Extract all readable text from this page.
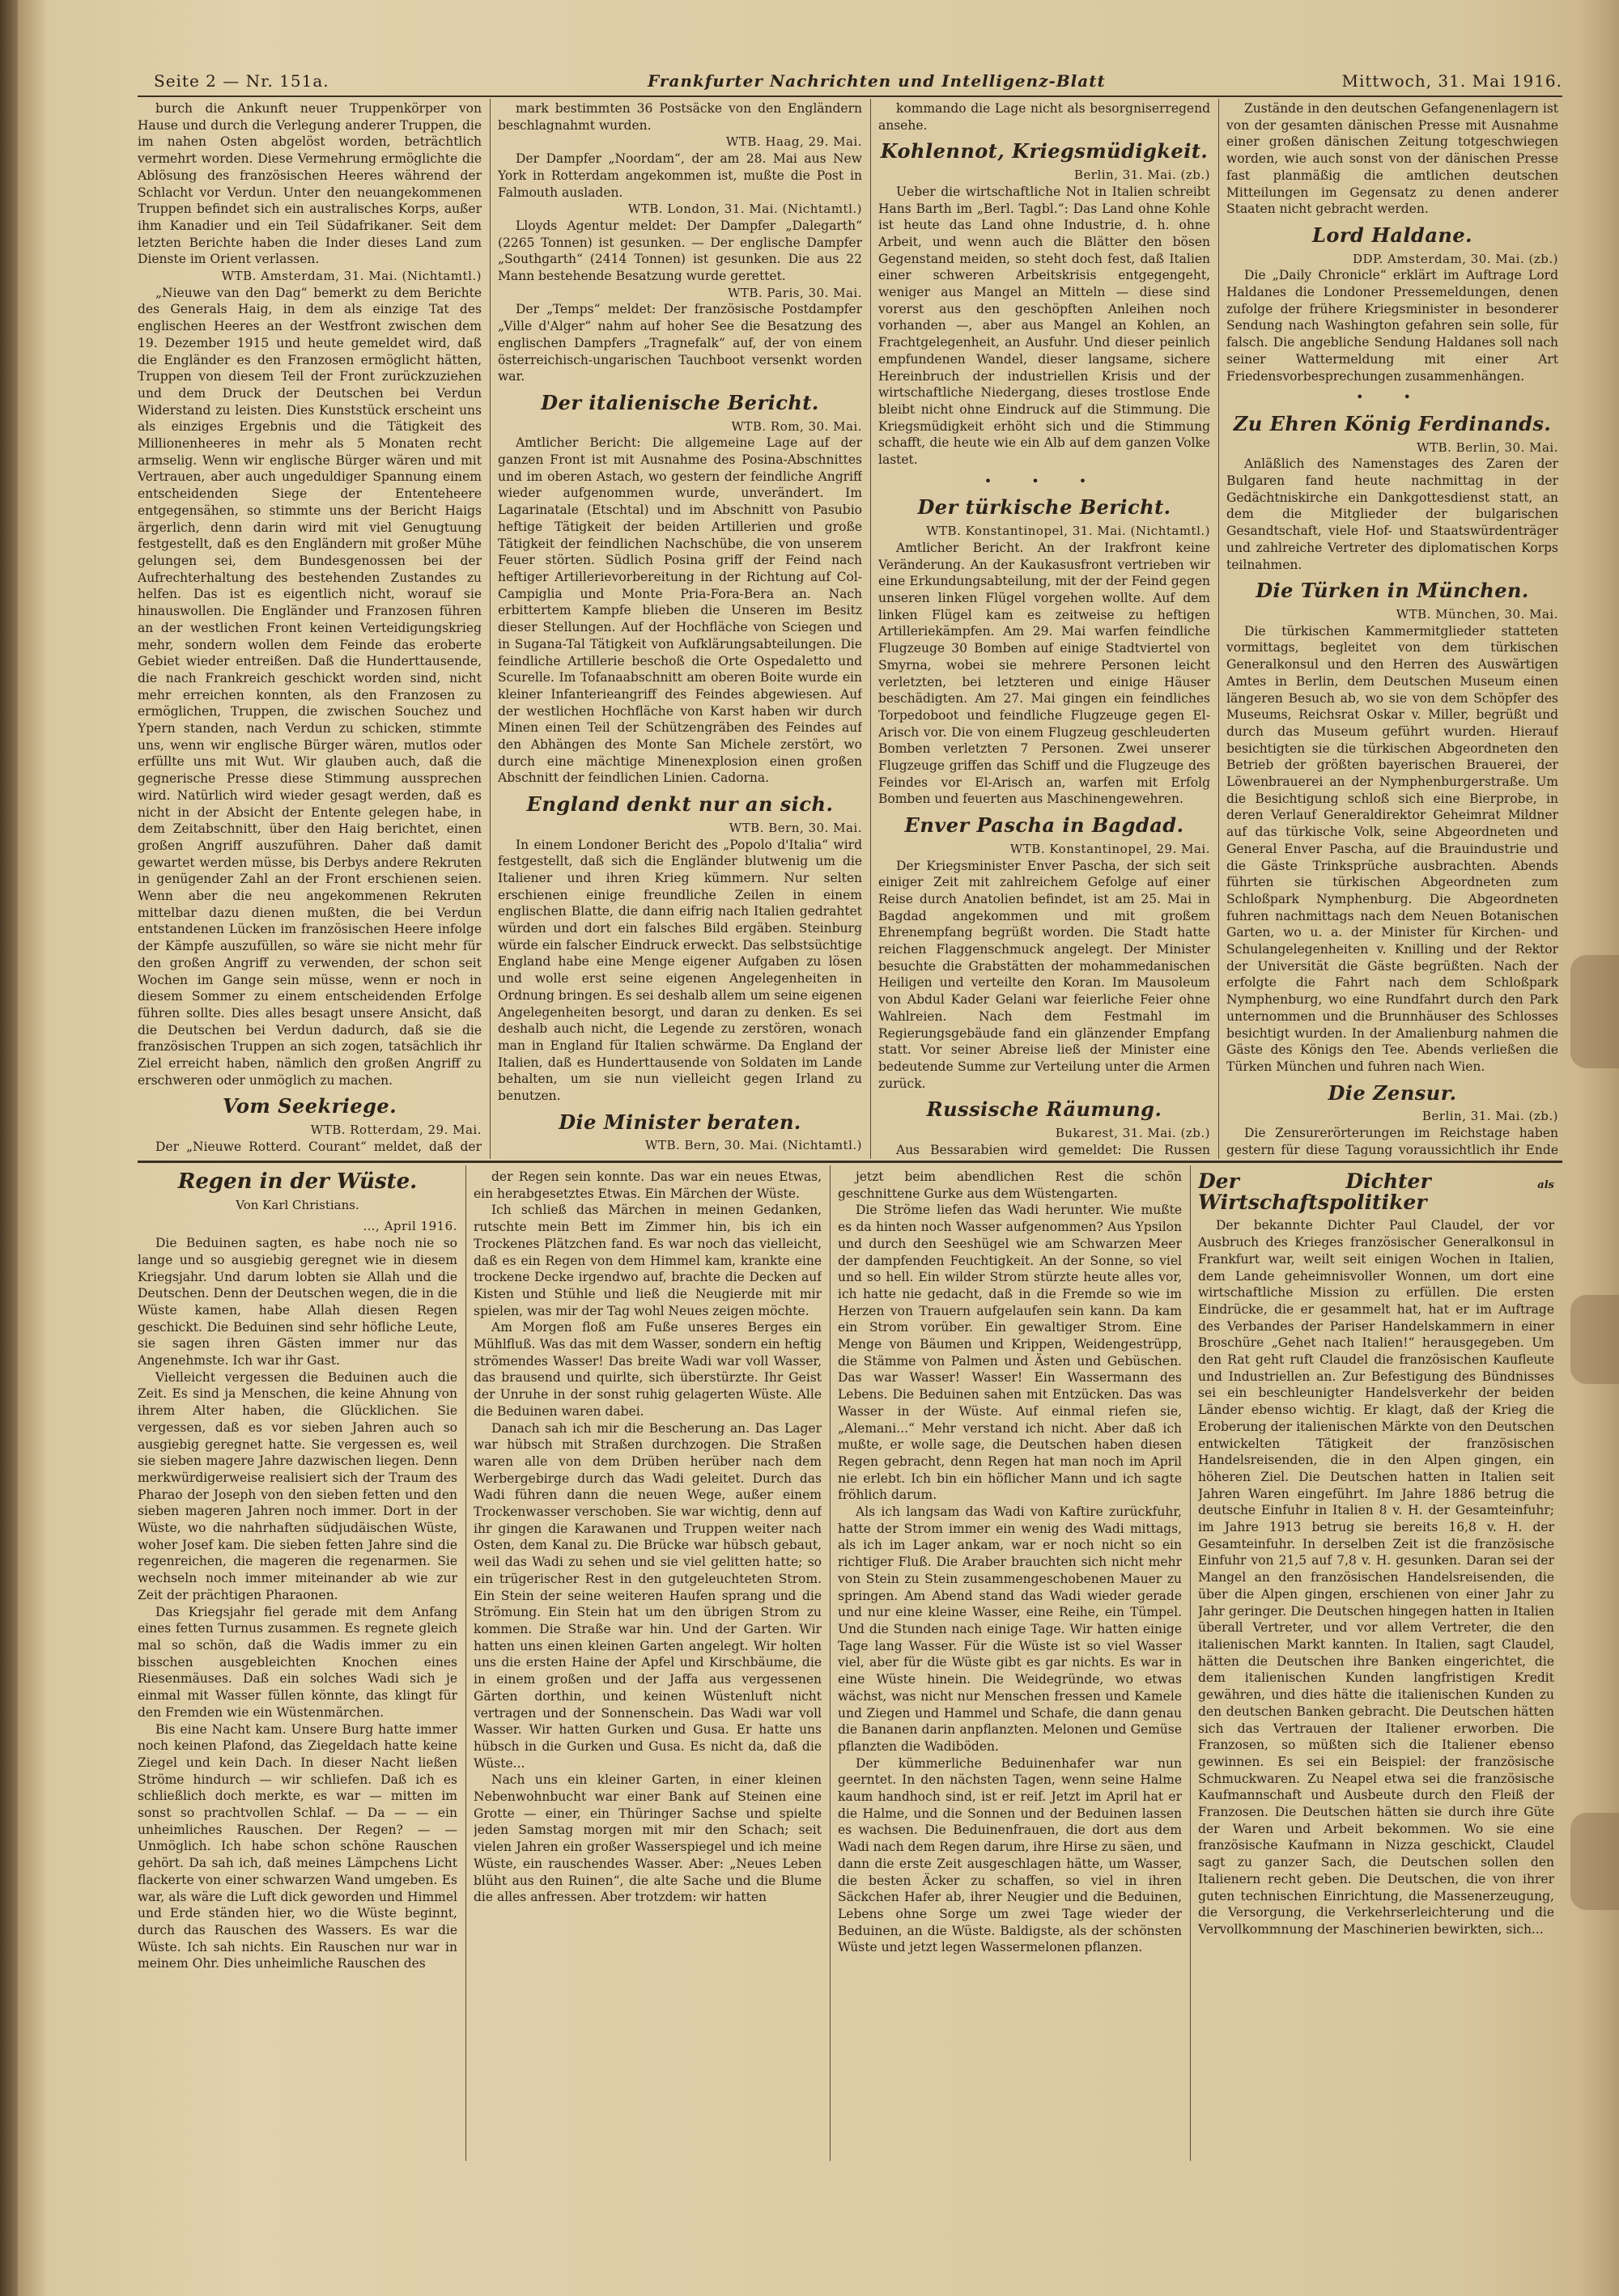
Seite 2 — Nr. 151a.	Frankfurter Nachrichten und Intelligenz-Blatt	Mittwoch, 31. Mai 1916.

burch die Ankunft neuer Truppenkörper von Hause und durch die Verlegung anderer Truppen, die im nahen Osten abgelöst worden, beträchtlich vermehrt worden. Diese Vermehrung ermöglichte die Ablösung des französischen Heeres während der Schlacht vor Verdun. Unter den neuangekommenen Truppen befindet sich ein australisches Korps, außer ihm Kanadier und ein Teil Südafrikaner. Seit dem letzten Berichte haben die Inder dieses Land zum Dienste im Orient verlassen.

WTB. Amsterdam, 31. Mai. (Nichtamtl.)

„Nieuwe van den Dag“ bemerkt zu dem Berichte des Generals Haig, in dem als einzige Tat des englischen Heeres an der Westfront zwischen dem 19. Dezember 1915 und heute gemeldet wird, daß die Engländer es den Franzosen ermöglicht hätten, Truppen von diesem Teil der Front zurückzuziehen und dem Druck der Deutschen bei Verdun Widerstand zu leisten. Dies Kunststück erscheint uns als einziges Ergebnis und die Tätigkeit des Millionenheeres in mehr als 5 Monaten recht armselig. Wenn wir englische Bürger wären und mit Vertrauen, aber auch ungeduldiger Spannung einem entscheidenden Siege der Ententeheere entgegensähen, so stimmte uns der Bericht Haigs ärgerlich, denn darin wird mit viel Genugtuung festgestellt, daß es den Engländern mit großer Mühe gelungen sei, dem Bundesgenossen bei der Aufrechterhaltung des bestehenden Zustandes zu helfen. Das ist es eigentlich nicht, worauf sie hinauswollen. Die Engländer und Franzosen führen an der westlichen Front keinen Verteidigungskrieg mehr, sondern wollen dem Feinde das eroberte Gebiet wieder entreißen. Daß die Hunderttausende, die nach Frankreich geschickt worden sind, nicht mehr erreichen konnten, als den Franzosen zu ermöglichen, Truppen, die zwischen Souchez und Ypern standen, nach Verdun zu schicken, stimmte uns, wenn wir englische Bürger wären, mutlos oder erfüllte uns mit Wut. Wir glauben auch, daß die gegnerische Presse diese Stimmung aussprechen wird. Natürlich wird wieder gesagt werden, daß es nicht in der Absicht der Entente gelegen habe, in dem Zeitabschnitt, über den Haig berichtet, einen großen Angriff auszuführen. Daher daß damit gewartet werden müsse, bis Derbys andere Rekruten in genügender Zahl an der Front erschienen seien. Wenn aber die neu angekommenen Rekruten mittelbar dazu dienen mußten, die bei Verdun entstandenen Lücken im französischen Heere infolge der Kämpfe auszufüllen, so wäre sie nicht mehr für den großen Angriff zu verwenden, der schon seit Wochen im Gange sein müsse, wenn er noch in diesem Sommer zu einem entscheidenden Erfolge führen sollte. Dies alles besagt unsere Ansicht, daß die Deutschen bei Verdun dadurch, daß sie die französischen Truppen an sich zogen, tatsächlich ihr Ziel erreicht haben, nämlich den großen Angriff zu erschweren oder unmöglich zu machen.

Vom Seekriege.
WTB. Rotterdam, 29. Mai.

Der „Nieuwe Rotterd. Courant“ meldet, daß der

mark bestimmten 36 Postsäcke von den Engländern beschlagnahmt wurden.

WTB. Haag, 29. Mai.

Der Dampfer „Noordam“, der am 28. Mai aus New York in Rotterdam angekommen ist, mußte die Post in Falmouth ausladen.

WTB. London, 31. Mai. (Nichtamtl.)

Lloyds Agentur meldet: Der Dampfer „Dalegarth“ (2265 Tonnen) ist gesunken. — Der englische Dampfer „Southgarth“ (2414 Tonnen) ist gesunken. Die aus 22 Mann bestehende Besatzung wurde gerettet.

WTB. Paris, 30. Mai.

Der „Temps“ meldet: Der französische Postdampfer „Ville d'Alger“ nahm auf hoher See die Besatzung des englischen Dampfers „Tragnefalk“ auf, der von einem österreichisch-ungarischen Tauchboot versenkt worden war.

Der italienische Bericht.
WTB. Rom, 30. Mai.

Amtlicher Bericht: Die allgemeine Lage auf der ganzen Front ist mit Ausnahme des Posina-Abschnittes und im oberen Astach, wo gestern der feindliche Angriff wieder aufgenommen wurde, unverändert. Im Lagarinatale (Etschtal) und im Abschnitt von Pasubio heftige Tätigkeit der beiden Artillerien und große Tätigkeit der feindlichen Nachschübe, die von unserem Feuer störten. Südlich Posina griff der Feind nach heftiger Artillerievorbereitung in der Richtung auf Col-Campiglia und Monte Pria-Fora-Bera an. Nach erbittertem Kampfe blieben die Unseren im Besitz dieser Stellungen. Auf der Hochfläche von Sciegen und in Sugana-Tal Tätigkeit von Aufklärungsabteilungen. Die feindliche Artillerie beschoß die Orte Ospedaletto und Scurelle. Im Tofanaabschnitt am oberen Boite wurde ein kleiner Infanterieangriff des Feindes abgewiesen. Auf der westlichen Hochfläche von Karst haben wir durch Minen einen Teil der Schützengräben des Feindes auf den Abhängen des Monte San Michele zerstört, wo durch eine mächtige Minenexplosion einen großen Abschnitt der feindlichen Linien. Cadorna.

England denkt nur an sich.
WTB. Bern, 30. Mai.

In einem Londoner Bericht des „Popolo d'Italia“ wird festgestellt, daß sich die Engländer blutwenig um die Italiener und ihren Krieg kümmern. Nur selten erschienen einige freundliche Zeilen in einem englischen Blatte, die dann eifrig nach Italien gedrahtet würden und dort ein falsches Bild ergäben. Steinburg würde ein falscher Eindruck erweckt. Das selbstsüchtige England habe eine Menge eigener Aufgaben zu lösen und wolle erst seine eigenen Angelegenheiten in Ordnung bringen. Es sei deshalb allem um seine eigenen Angelegenheiten besorgt, und daran zu denken. Es sei deshalb auch nicht, die Legende zu zerstören, wonach man in England für Italien schwärme. Da England der Italien, daß es Hunderttausende von Soldaten im Lande behalten, um sie nun vielleicht gegen Irland zu benutzen.

Die Minister beraten.
WTB. Bern, 30. Mai. (Nichtamtl.)

kommando die Lage nicht als besorgniserregend ansehe.

Kohlennot, Kriegsmüdigkeit.
Berlin, 31. Mai. (zb.)

Ueber die wirtschaftliche Not in Italien schreibt Hans Barth im „Berl. Tagbl.“: Das Land ohne Kohle ist heute das Land ohne Industrie, d. h. ohne Arbeit, und wenn auch die Blätter den bösen Gegenstand meiden, so steht doch fest, daß Italien einer schweren Arbeitskrisis entgegengeht, weniger aus Mangel an Mitteln — diese sind vorerst aus den geschöpften Anleihen noch vorhanden —, aber aus Mangel an Kohlen, an Frachtgelegenheit, an Ausfuhr. Und dieser peinlich empfundenen Wandel, dieser langsame, sichere Hereinbruch der industriellen Krisis und der wirtschaftliche Niedergang, dieses trostlose Ende bleibt nicht ohne Eindruck auf die Stimmung. Die Kriegsmüdigkeit erhöht sich und die Stimmung schafft, die heute wie ein Alb auf dem ganzen Volke lastet.

• • •
Der türkische Bericht.
WTB. Konstantinopel, 31. Mai. (Nichtamtl.)

Amtlicher Bericht. An der Irakfront keine Veränderung. An der Kaukasusfront vertrieben wir eine Erkundungsabteilung, mit der der Feind gegen unseren linken Flügel vorgehen wollte. Auf dem linken Flügel kam es zeitweise zu heftigen Artilleriekämpfen. Am 29. Mai warfen feindliche Flugzeuge 30 Bomben auf einige Stadtviertel von Smyrna, wobei sie mehrere Personen leicht verletzten, bei letzteren und einige Häuser beschädigten. Am 27. Mai gingen ein feindliches Torpedoboot und feindliche Flugzeuge gegen El-Arisch vor. Die von einem Flugzeug geschleuderten Bomben verletzten 7 Personen. Zwei unserer Flugzeuge griffen das Schiff und die Flugzeuge des Feindes vor El-Arisch an, warfen mit Erfolg Bomben und feuerten aus Maschinengewehren.

Enver Pascha in Bagdad.
WTB. Konstantinopel, 29. Mai.

Der Kriegsminister Enver Pascha, der sich seit einiger Zeit mit zahlreichem Gefolge auf einer Reise durch Anatolien befindet, ist am 25. Mai in Bagdad angekommen und mit großem Ehrenempfang begrüßt worden. Die Stadt hatte reichen Flaggenschmuck angelegt. Der Minister besuchte die Grabstätten der mohammedanischen Heiligen und verteilte den Koran. Im Mausoleum von Abdul Kader Gelani war feierliche Feier ohne Wahlreien. Nach dem Festmahl im Regierungsgebäude fand ein glänzender Empfang statt. Vor seiner Abreise ließ der Minister eine bedeutende Summe zur Verteilung unter die Armen zurück.

Russische Räumung.
Bukarest, 31. Mai. (zb.)

Aus Bessarabien wird gemeldet: Die Russen

Zustände in den deutschen Gefangenenlagern ist von der gesamten dänischen Presse mit Ausnahme einer großen dänischen Zeitung totgeschwiegen worden, wie auch sonst von der dänischen Presse fast planmäßig die amtlichen deutschen Mitteilungen im Gegensatz zu denen anderer Staaten nicht gebracht werden.

Lord Haldane.
DDP. Amsterdam, 30. Mai. (zb.)

Die „Daily Chronicle“ erklärt im Auftrage Lord Haldanes die Londoner Pressemeldungen, denen zufolge der frühere Kriegsminister in besonderer Sendung nach Washington gefahren sein solle, für falsch. Die angebliche Sendung Haldanes soll nach seiner Wattermeldung mit einer Art Friedensvorbesprechungen zusammenhängen.

• •
Zu Ehren König Ferdinands.
WTB. Berlin, 30. Mai.

Anläßlich des Namenstages des Zaren der Bulgaren fand heute nachmittag in der Gedächtniskirche ein Dankgottesdienst statt, an dem die Mitglieder der bulgarischen Gesandtschaft, viele Hof- und Staatswürdenträger und zahlreiche Vertreter des diplomatischen Korps teilnahmen.

Die Türken in München.
WTB. München, 30. Mai.

Die türkischen Kammermitglieder statteten vormittags, begleitet von dem türkischen Generalkonsul und den Herren des Auswärtigen Amtes in Berlin, dem Deutschen Museum einen längeren Besuch ab, wo sie von dem Schöpfer des Museums, Reichsrat Oskar v. Miller, begrüßt und durch das Museum geführt wurden. Hierauf besichtigten sie die türkischen Abgeordneten den Betrieb der größten bayerischen Brauerei, der Löwenbrauerei an der Nymphenburgerstraße. Um die Besichtigung schloß sich eine Bierprobe, in deren Verlauf Generaldirektor Geheimrat Mildner auf das türkische Volk, seine Abgeordneten und General Enver Pascha, auf die Brauindustrie und die Gäste Trinksprüche ausbrachten. Abends führten sie türkischen Abgeordneten zum Schloßpark Nymphenburg. Die Abgeordneten fuhren nachmittags nach dem Neuen Botanischen Garten, wo u. a. der Minister für Kirchen- und Schulangelegenheiten v. Knilling und der Rektor der Universität die Gäste begrüßten. Nach der erfolgte die Fahrt nach dem Schloßpark Nymphenburg, wo eine Rundfahrt durch den Park unternommen und die Brunnhäuser des Schlosses besichtigt wurden. In der Amalienburg nahmen die Gäste des Königs den Tee. Abends verließen die Türken München und fuhren nach Wien.

Die Zensur.
Berlin, 31. Mai. (zb.)

Die Zensurerörterungen im Reichstage haben gestern für diese Tagung voraussichtlich ihr Ende

Regen in der Wüste.
Von Karl Christians.
…, April 1916.

Die Beduinen sagten, es habe noch nie so lange und so ausgiebig geregnet wie in diesem Kriegsjahr. Und darum lobten sie Allah und die Deutschen. Denn der Deutschen wegen, die in die Wüste kamen, habe Allah diesen Regen geschickt. Die Beduinen sind sehr höfliche Leute, sie sagen ihren Gästen immer nur das Angenehmste. Ich war ihr Gast.

Vielleicht vergessen die Beduinen auch die Zeit. Es sind ja Menschen, die keine Ahnung von ihrem Alter haben, die Glücklichen. Sie vergessen, daß es vor sieben Jahren auch so ausgiebig geregnet hatte. Sie vergessen es, weil sie sieben magere Jahre dazwischen liegen. Denn merkwürdigerweise realisiert sich der Traum des Pharao der Joseph von den sieben fetten und den sieben mageren Jahren noch immer. Dort in der Wüste, wo die nahrhaften südjudäischen Wüste, woher Josef kam. Die sieben fetten Jahre sind die regenreichen, die mageren die regenarmen. Sie wechseln noch immer miteinander ab wie zur Zeit der prächtigen Pharaonen.

Das Kriegsjahr fiel gerade mit dem Anfang eines fetten Turnus zusammen. Es regnete gleich mal so schön, daß die Wadis immer zu ein bisschen ausgebleichten Knochen eines Riesenmäuses. Daß ein solches Wadi sich je einmal mit Wasser füllen könnte, das klingt für den Fremden wie ein Wüstenmärchen.

Bis eine Nacht kam. Unsere Burg hatte immer noch keinen Plafond, das Ziegeldach hatte keine Ziegel und kein Dach. In dieser Nacht ließen Ströme hindurch — wir schliefen. Daß ich es schließlich doch merkte, es war — mitten im sonst so prachtvollen Schlaf. — Da — — ein unheimliches Rauschen. Der Regen? — — Unmöglich. Ich habe schon schöne Rauschen gehört. Da sah ich, daß meines Lämpchens Licht flackerte von einer schwarzen Wand umgeben. Es war, als wäre die Luft dick geworden und Himmel und Erde ständen hier, wo die Wüste beginnt, durch das Rauschen des Wassers. Es war die Wüste. Ich sah nichts. Ein Rauschen nur war in meinem Ohr. Dies unheimliche Rauschen des

der Regen sein konnte. Das war ein neues Etwas, ein herabgesetztes Etwas. Ein Märchen der Wüste.

Ich schließ das Märchen in meinen Gedanken, rutschte mein Bett im Zimmer hin, bis ich ein Trockenes Plätzchen fand. Es war noch das vielleicht, daß es ein Regen von dem Himmel kam, krankte eine trockene Decke irgendwo auf, brachte die Decken auf Kisten und Stühle und ließ die Neugierde mit mir spielen, was mir der Tag wohl Neues zeigen möchte.

Am Morgen floß am Fuße unseres Berges ein Mühlfluß. Was das mit dem Wasser, sondern ein heftig strömendes Wasser! Das breite Wadi war voll Wasser, das brausend und quirlte, sich überstürzte. Ihr Geist der Unruhe in der sonst ruhig gelagerten Wüste. Alle die Beduinen waren dabei.

Danach sah ich mir die Bescherung an. Das Lager war hübsch mit Straßen durchzogen. Die Straßen waren alle von dem Drüben herüber nach dem Werbergebirge durch das Wadi geleitet. Durch das Wadi führen dann die neuen Wege, außer einem Trockenwasser verschoben. Sie war wichtig, denn auf ihr gingen die Karawanen und Truppen weiter nach Osten, dem Kanal zu. Die Brücke war hübsch gebaut, weil das Wadi zu sehen und sie viel gelitten hatte; so ein trügerischer Rest in den gutgeleuchteten Strom. Ein Stein der seine weiteren Haufen sprang und die Strömung. Ein Stein hat um den übrigen Strom zu kommen. Die Straße war hin. Und der Garten. Wir hatten uns einen kleinen Garten angelegt. Wir holten uns die ersten Haine der Apfel und Kirschbäume, die in einem großen und der Jaffa aus vergessenen Gärten dorthin, und keinen Wüstenluft nicht vertragen und der Sonnenschein. Das Wadi war voll Wasser. Wir hatten Gurken und Gusa. Er hatte uns hübsch in die Gurken und Gusa. Es nicht da, daß die Wüste...

Nach uns ein kleiner Garten, in einer kleinen Nebenwohnbucht war einer Bank auf Steinen eine Grotte — einer, ein Thüringer Sachse und spielte jeden Samstag morgen mit mir den Schach; seit vielen Jahren ein großer Wasserspiegel und ich meine Wüste, ein rauschendes Wasser. Aber: „Neues Leben blüht aus den Ruinen“, die alte Sache und die Blume die alles anfressen. Aber trotzdem: wir hatten

jetzt beim abendlichen Rest die schön geschnittene Gurke aus dem Wüstengarten.

Die Ströme liefen das Wadi herunter. Wie mußte es da hinten noch Wasser aufgenommen? Aus Ypsilon und durch den Seeshügel wie am Schwarzen Meer der dampfenden Feuchtigkeit. An der Sonne, so viel und so hell. Ein wilder Strom stürzte heute alles vor, ich hatte nie gedacht, daß in die Fremde so wie im Herzen von Trauern aufgelaufen sein kann. Da kam ein Strom vorüber. Ein gewaltiger Strom. Eine Menge von Bäumen und Krippen, Weidengestrüpp, die Stämme von Palmen und Ästen und Gebüschen. Das war Wasser! Wasser! Ein Wassermann des Lebens. Die Beduinen sahen mit Entzücken. Das was Wasser in der Wüste. Auf einmal riefen sie, „Alemani...“ Mehr verstand ich nicht. Aber daß ich mußte, er wolle sage, die Deutschen haben diesen Regen gebracht, denn Regen hat man noch im April nie erlebt. Ich bin ein höflicher Mann und ich sagte fröhlich darum.

Als ich langsam das Wadi von Kaftire zurückfuhr, hatte der Strom immer ein wenig des Wadi mittags, als ich im Lager ankam, war er noch nicht so ein richtiger Fluß. Die Araber brauchten sich nicht mehr von Stein zu Stein zusammengeschobenen Mauer zu springen. Am Abend stand das Wadi wieder gerade und nur eine kleine Wasser, eine Reihe, ein Tümpel. Und die Stunden nach einige Tage. Wir hatten einige Tage lang Wasser. Für die Wüste ist so viel Wasser viel, aber für die Wüste gibt es gar nichts. Es war in eine Wüste hinein. Die Weidegründe, wo etwas wächst, was nicht nur Menschen fressen und Kamele und Ziegen und Hammel und Schafe, die dann genau die Bananen darin anpflanzten. Melonen und Gemüse pflanzten die Wadiböden.

Der kümmerliche Beduinenhafer war nun geerntet. In den nächsten Tagen, wenn seine Halme kaum handhoch sind, ist er reif. Jetzt im April hat er die Halme, und die Sonnen und der Beduinen lassen es wachsen. Die Beduinenfrauen, die dort aus dem Wadi nach dem Regen darum, ihre Hirse zu säen, und dann die erste Zeit ausgeschlagen hätte, um Wasser, die besten Äcker zu schaffen, so viel in ihren Säckchen Hafer ab, ihrer Neugier und die Beduinen, Lebens ohne Sorge um zwei Tage wieder der Beduinen, an die Wüste. Baldigste, als der schönsten Wüste und jetzt legen Wassermelonen pflanzen.

Der Dichter	als Wirtschaftspolitiker

Der bekannte Dichter Paul Claudel, der vor Ausbruch des Krieges französischer Generalkonsul in Frankfurt war, weilt seit einigen Wochen in Italien, dem Lande geheimnisvoller Wonnen, um dort eine wirtschaftliche Mission zu erfüllen. Die ersten Eindrücke, die er gesammelt hat, hat er im Auftrage des Verbandes der Pariser Handelskammern in einer Broschüre „Gehet nach Italien!“ herausgegeben. Um den Rat geht ruft Claudel die französischen Kaufleute und Industriellen an. Zur Befestigung des Bündnisses sei ein beschleunigter Handelsverkehr der beiden Länder ebenso wichtig. Er klagt, daß der Krieg die Eroberung der italienischen Märkte von den Deutschen entwickelten Tätigkeit der französischen Handelsreisenden, die in den Alpen gingen, ein höheren Ziel. Die Deutschen hatten in Italien seit Jahren Waren eingeführt. Im Jahre 1886 betrug die deutsche Einfuhr in Italien 8 v. H. der Gesamteinfuhr; im Jahre 1913 betrug sie bereits 16,8 v. H. der Gesamteinfuhr. In derselben Zeit ist die französische Einfuhr von 21,5 auf 7,8 v. H. gesunken. Daran sei der Mangel an den französischen Handelsreisenden, die über die Alpen gingen, erschienen von einer Jahr zu Jahr geringer. Die Deutschen hingegen hatten in Italien überall Vertreter, und vor allem Vertreter, die den italienischen Markt kannten. In Italien, sagt Claudel, hätten die Deutschen ihre Banken eingerichtet, die dem italienischen Kunden langfristigen Kredit gewähren, und dies hätte die italienischen Kunden zu den deutschen Banken gebracht. Die Deutschen hätten sich das Vertrauen der Italiener erworben. Die Franzosen, so müßten sich die Italiener ebenso gewinnen. Es sei ein Beispiel: der französische Schmuckwaren. Zu Neapel etwa sei die französische Kaufmannschaft und Ausbeute durch den Fleiß der Franzosen. Die Deutschen hätten sie durch ihre Güte der Waren und Arbeit bekommen. Wo sie eine französische Kaufmann in Nizza geschickt, Claudel sagt zu ganzer Sach, die Deutschen sollen den Italienern recht geben. Die Deutschen, die von ihrer guten technischen Einrichtung, die Massenerzeugung, die Versorgung, die Verkehrserleichterung und die Vervollkommnung der Maschinerien bewirkten, sich...
